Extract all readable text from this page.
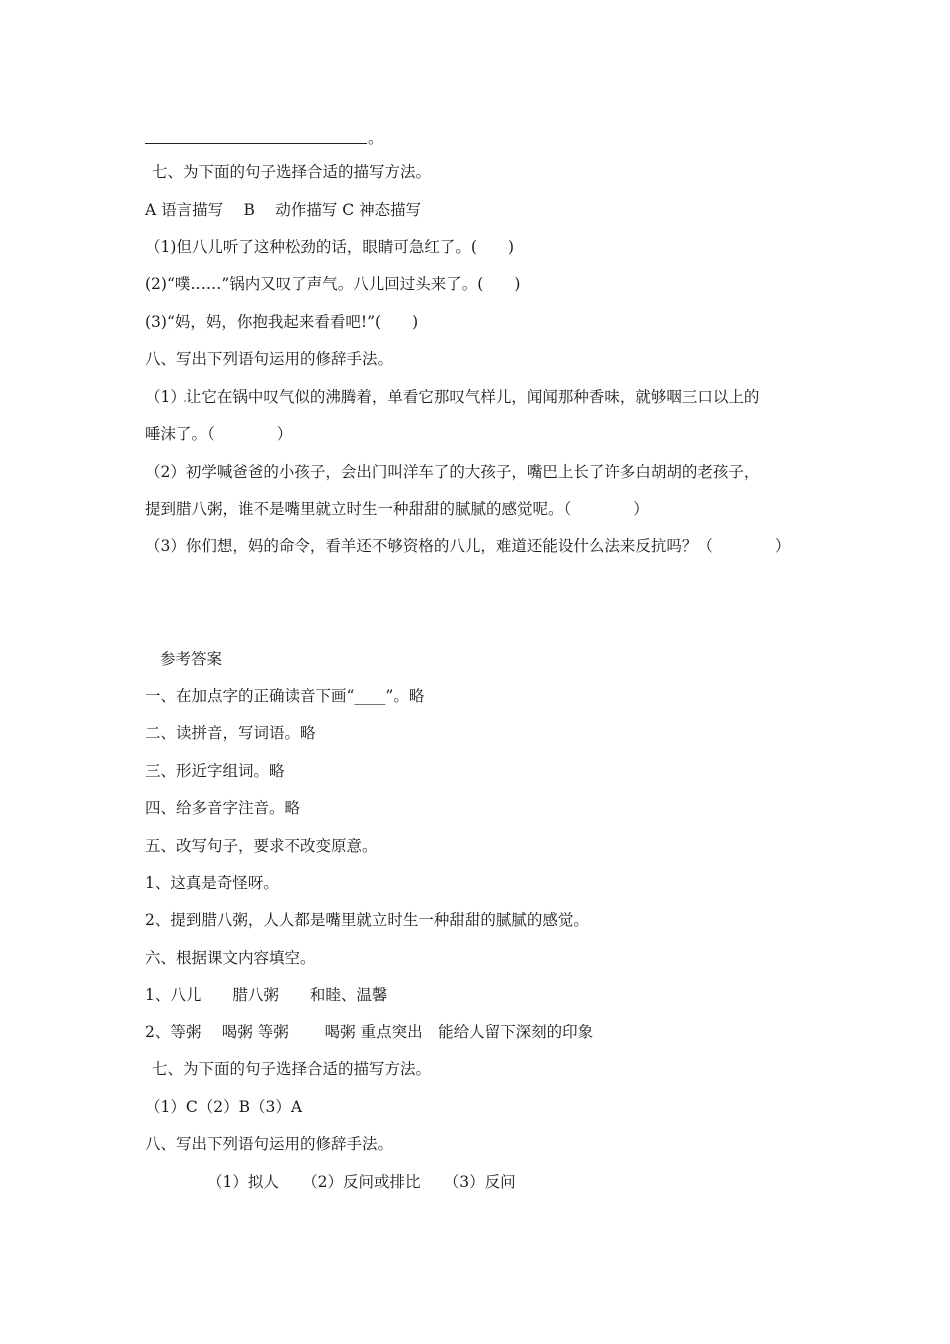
。
七、为下面的句子选择合适的描写方法。
A 语言描写　 B　 动作描写 C 神态描写
（1)但八儿听了这种松劲的话，眼睛可急红了。(　　)
(2)“噗……”锅内又叹了声气。八儿回过头来了。(　　)
(3)“妈，妈，你抱我起来看看吧!”(　　)
八、写出下列语句运用的修辞手法。
（1）让它在锅中叹气似的沸腾着，单看它那叹气样儿，闻闻那种香味，就够咽三口以上的
唾沫了。（　　　　）
（2）初学喊爸爸的小孩子，会出门叫洋车了的大孩子，嘴巴上长了许多白胡胡的老孩子，
提到腊八粥，谁不是嘴里就立时生一种甜甜的腻腻的感觉呢。（　　　　）
（3）你们想，妈的命令，看羊还不够资格的八儿，难道还能设什么法来反抗吗？（　　　　）
参考答案
一、在加点字的正确读音下画“____”。略
二、读拼音，写词语。略
三、形近字组词。略
四、给多音字注音。略
五、改写句子，要求不改变原意。
1、这真是奇怪呀。
2、提到腊八粥，人人都是嘴里就立时生一种甜甜的腻腻的感觉。
六、根据课文内容填空。
1、八儿　　腊八粥　　和睦、温馨
2、等粥　 喝粥 等粥　　 喝粥 重点突出　能给人留下深刻的印象
七、为下面的句子选择合适的描写方法。
（1）C（2）B（3）A
八、写出下列语句运用的修辞手法。
（1）拟人　　（2）反问或排比　　（3）反问
